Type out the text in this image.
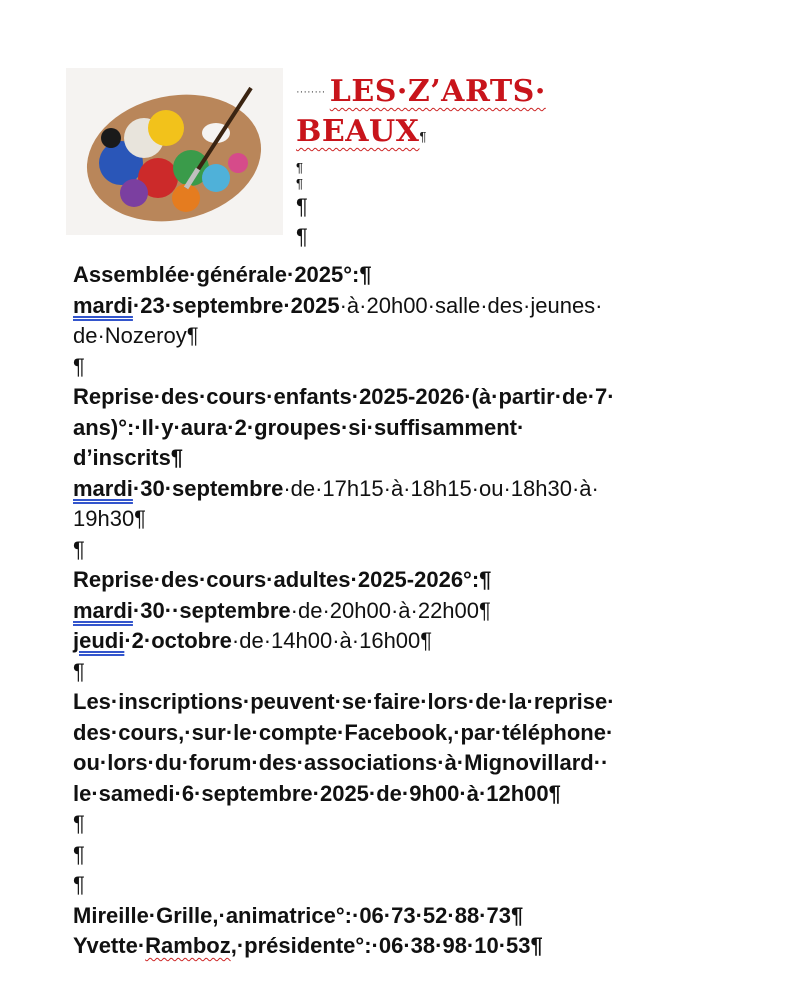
········ LES·Z’ARTS·
BEAUX¶
¶
¶
¶
¶
Assemblée·générale·2025°:¶
mardi·23·septembre·2025·à·20h00·salle·des·jeunes·
de·Nozeroy¶
¶
Reprise·des·cours·enfants·2025-2026·(à·partir·de·7·
ans)°:·Il·y·aura·2·groupes·si·suffisamment·
d’inscrits¶
mardi·30·septembre·de·17h15·à·18h15·ou·18h30·à·
19h30¶
¶
Reprise·des·cours·adultes·2025-2026°:¶
mardi·30··septembre·de·20h00·à·22h00¶
jeudi·2·octobre·de·14h00·à·16h00¶
¶
Les·inscriptions·peuvent·se·faire·lors·de·la·reprise·
des·cours,·sur·le·compte·Facebook,·par·téléphone·
ou·lors·du·forum·des·associations·à·Mignovillard··
le·samedi·6·septembre·2025·de·9h00·à·12h00¶
¶
¶
¶
Mireille·Grille,·animatrice°:·06·73·52·88·73¶
Yvette·Ramboz,·présidente°:·06·38·98·10·53¶
